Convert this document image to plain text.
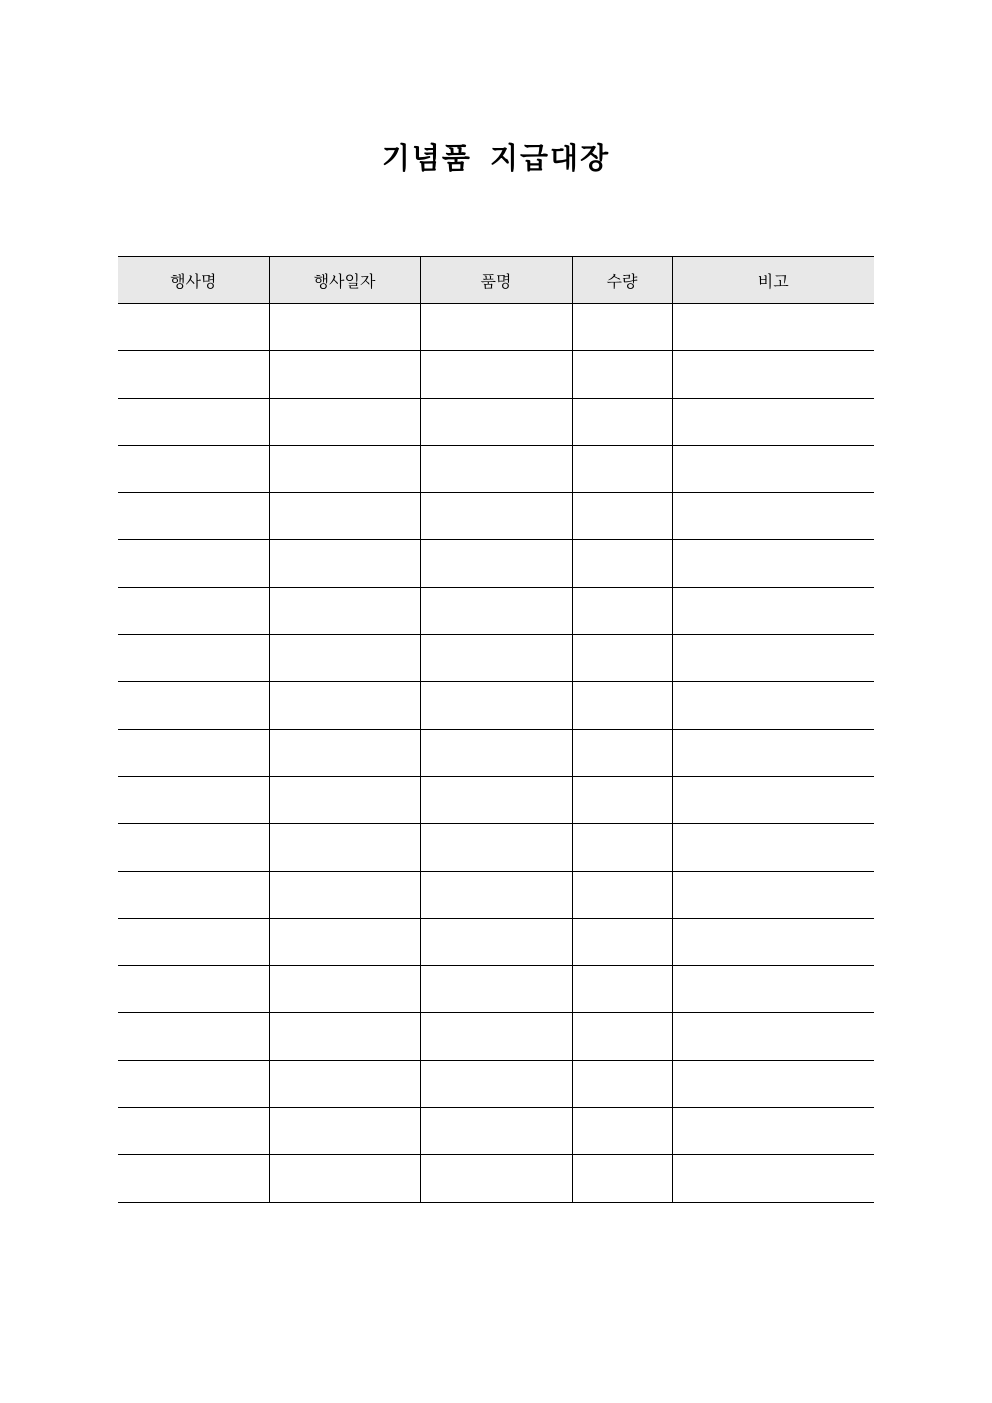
기념품 지급대장
행사명	행사일자	품명	수량	비고
